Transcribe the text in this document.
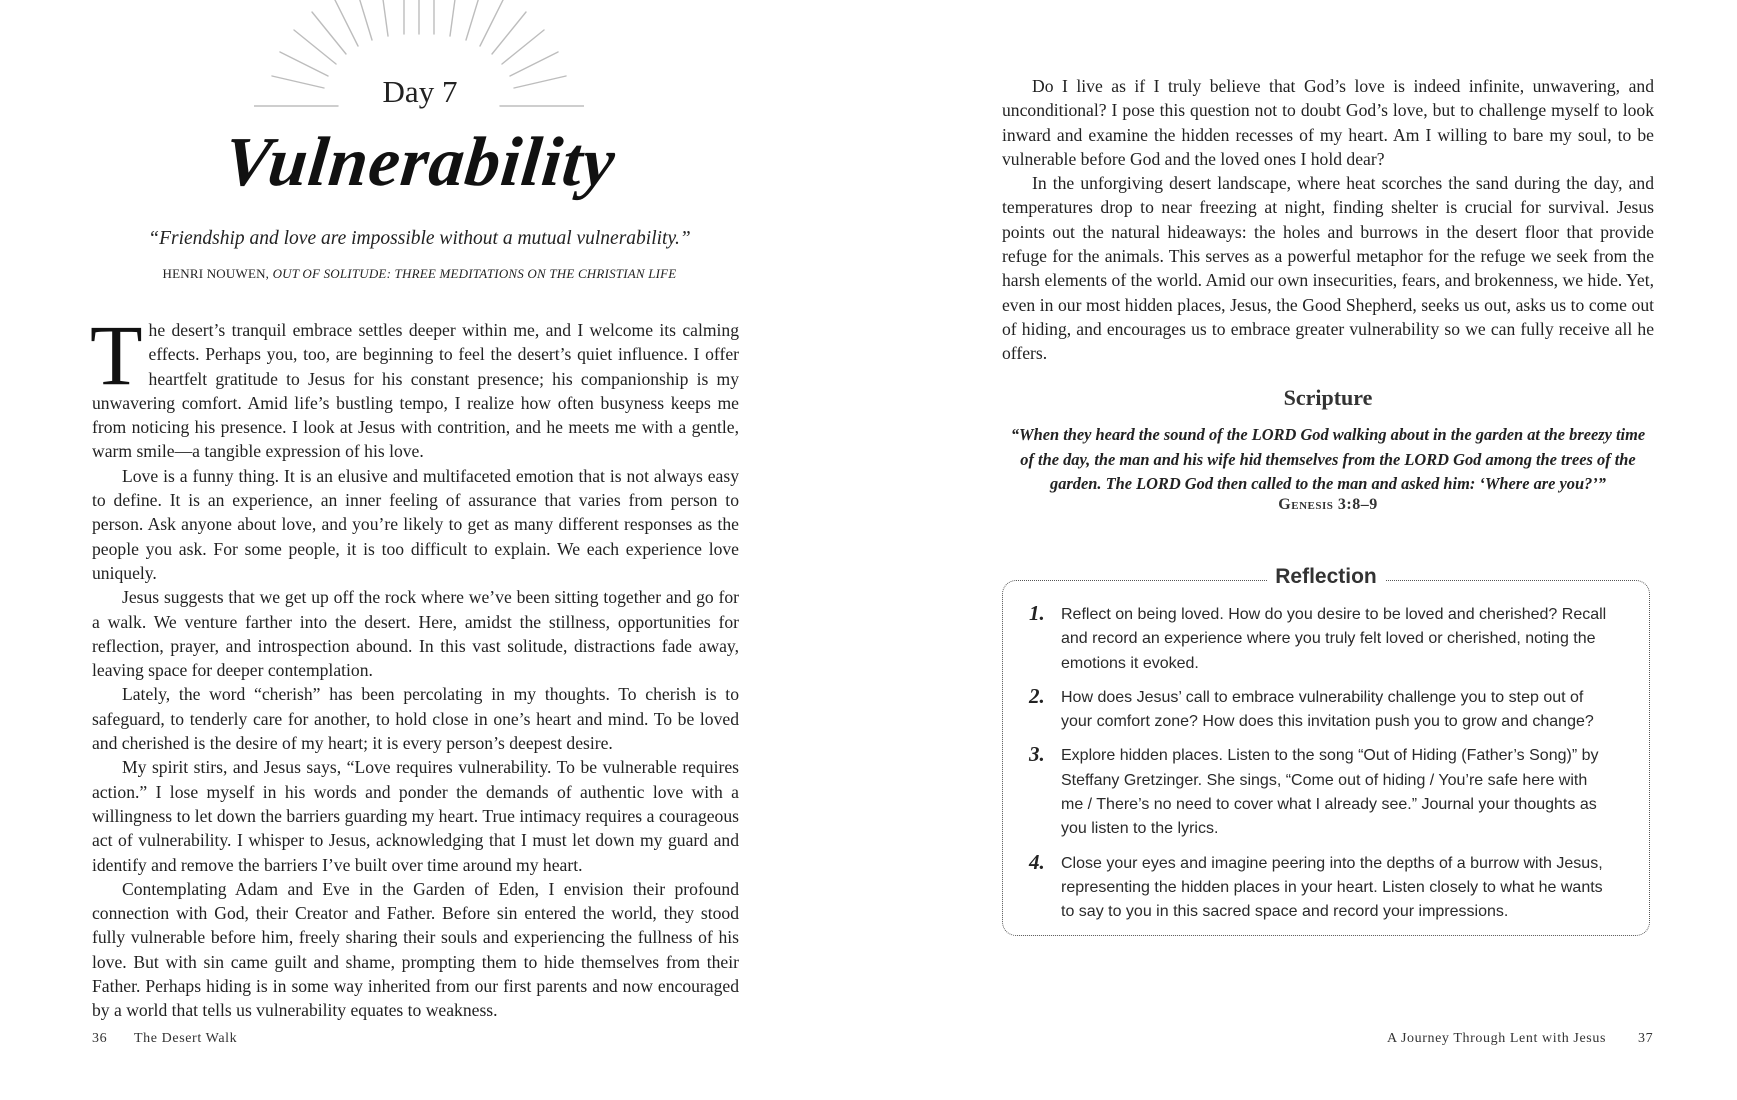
Day 7
Vulnerability
“Friendship and love are impossible without a mutual vulnerability.”
HENRI NOUWEN, OUT OF SOLITUDE: THREE MEDITATIONS ON THE CHRISTIAN LIFE

The desert’s tranquil embrace settles deeper within me, and I welcome its calming effects. Perhaps you, too, are beginning to feel the desert’s quiet influence. I offer heartfelt gratitude to Jesus for his constant presence; his companionship is my unwavering comfort. Amid life’s bustling tempo, I realize how often busyness keeps me from noticing his presence. I look at Jesus with contrition, and he meets me with a gentle, warm smile—a tangible expression of his love.

Love is a funny thing. It is an elusive and multifaceted emotion that is not always easy to define. It is an experience, an inner feeling of assurance that varies from person to person. Ask anyone about love, and you’re likely to get as many different responses as the people you ask. For some people, it is too difficult to explain. We each experience love uniquely.

Jesus suggests that we get up off the rock where we’ve been sitting together and go for a walk. We venture farther into the desert. Here, amidst the stillness, opportunities for reflection, prayer, and introspection abound. In this vast solitude, distractions fade away, leaving space for deeper contemplation.

Lately, the word “cherish” has been percolating in my thoughts. To cherish is to safeguard, to tenderly care for another, to hold close in one’s heart and mind. To be loved and cherished is the desire of my heart; it is every person’s deepest desire.

My spirit stirs, and Jesus says, “Love requires vulnerability. To be vulnerable requires action.” I lose myself in his words and ponder the demands of authentic love with a willingness to let down the barriers guarding my heart. True intimacy requires a courageous act of vulnerability. I whisper to Jesus, acknowledging that I must let down my guard and identify and remove the barriers I’ve built over time around my heart.

Contemplating Adam and Eve in the Garden of Eden, I envision their profound connection with God, their Creator and Father. Before sin entered the world, they stood fully vulnerable before him, freely sharing their souls and experiencing the fullness of his love. But with sin came guilt and shame, prompting them to hide themselves from their Father. Perhaps hiding is in some way inherited from our first parents and now encouraged by a world that tells us vulnerability equates to weakness.

36 The Desert Walk

Do I live as if I truly believe that God’s love is indeed infinite, unwavering, and unconditional? I pose this question not to doubt God’s love, but to challenge myself to look inward and examine the hidden recesses of my heart. Am I willing to bare my soul, to be vulnerable before God and the loved ones I hold dear?

In the unforgiving desert landscape, where heat scorches the sand during the day, and temperatures drop to near freezing at night, finding shelter is crucial for survival. Jesus points out the natural hideaways: the holes and burrows in the desert floor that provide refuge for the animals. This serves as a powerful metaphor for the refuge we seek from the harsh elements of the world. Amid our own insecurities, fears, and brokenness, we hide. Yet, even in our most hidden places, Jesus, the Good Shepherd, seeks us out, asks us to come out of hiding, and encourages us to embrace greater vulnerability so we can fully receive all he offers.

Scripture
“When they heard the sound of the LORD God walking about in the garden at the breezy time of the day, the man and his wife hid themselves from the LORD God among the trees of the garden. The LORD God then called to the man and asked him: ‘Where are you?’”
Genesis 3:8–9
Reflection
1. Reflect on being loved. How do you desire to be loved and cherished? Recall and record an experience where you truly felt loved or cherished, noting the emotions it evoked.
2. How does Jesus’ call to embrace vulnerability challenge you to step out of your comfort zone? How does this invitation push you to grow and change?
3. Explore hidden places. Listen to the song “Out of Hiding (Father’s Song)” by Steffany Gretzinger. She sings, “Come out of hiding / You’re safe here with me / There’s no need to cover what I already see.” Journal your thoughts as you listen to the lyrics.
4. Close your eyes and imagine peering into the depths of a burrow with Jesus, representing the hidden places in your heart. Listen closely to what he wants to say to you in this sacred space and record your impressions.
A Journey Through Lent with Jesus 37
